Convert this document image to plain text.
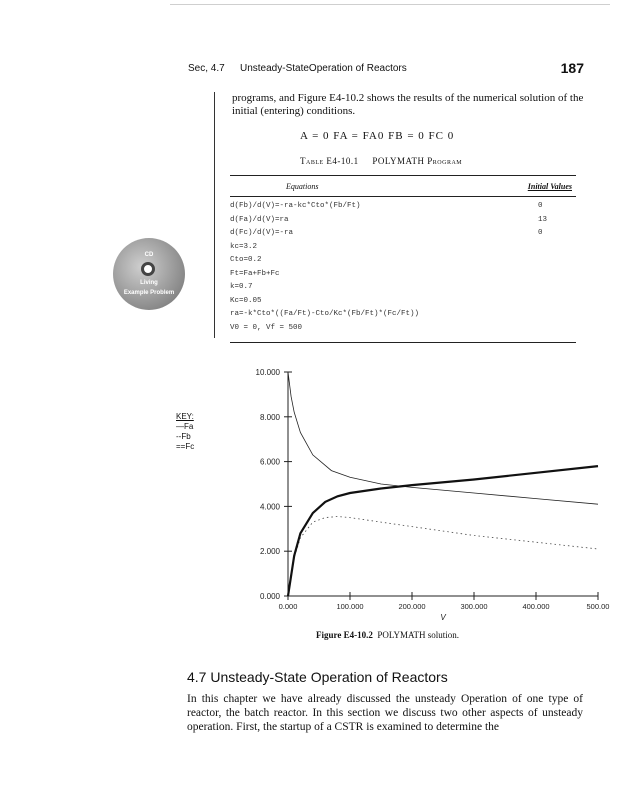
Sec, 4.7 Unsteady-StateOperation of Reactors	187
programs, and Figure E4-10.2 shows the results of the numerical solution of the initial (entering) conditions.
A = 0 FA = FA0 FB = 0 FC 0
Table E4-10.1 POLYMATH Program
Equations	Initial Values
d(Fb)/d(V)=-ra-kc*Cto*(Fb/Ft)	0
d(Fa)/d(V)=ra	13
d(Fc)/d(V)=-ra	0
kc=3.2
Cto=0.2
Ft=Fa+Fb+Fc
k=0.7
Kc=0.05
ra=-k*Cto*((Fa/Ft)-Cto/Kc*(Fb/Ft)*(Fc/Ft))
V0 = 0, Vf = 500
CD
Living
Example Problem
KEY:
—Fa
--Fb
==Fc
0.000
2.000
4.000
6.000
8.000
10.000
0.000	100.000	200.000	300.000	400.000	500.00
V
Figure E4-10.2 POLYMATH solution.
4.7 Unsteady-State Operation of Reactors
In this chapter we have already discussed the unsteady Operation of one type of reactor, the batch reactor. In this section we discuss two other aspects of unsteady operation. First, the startup of a CSTR is examined to determine the
